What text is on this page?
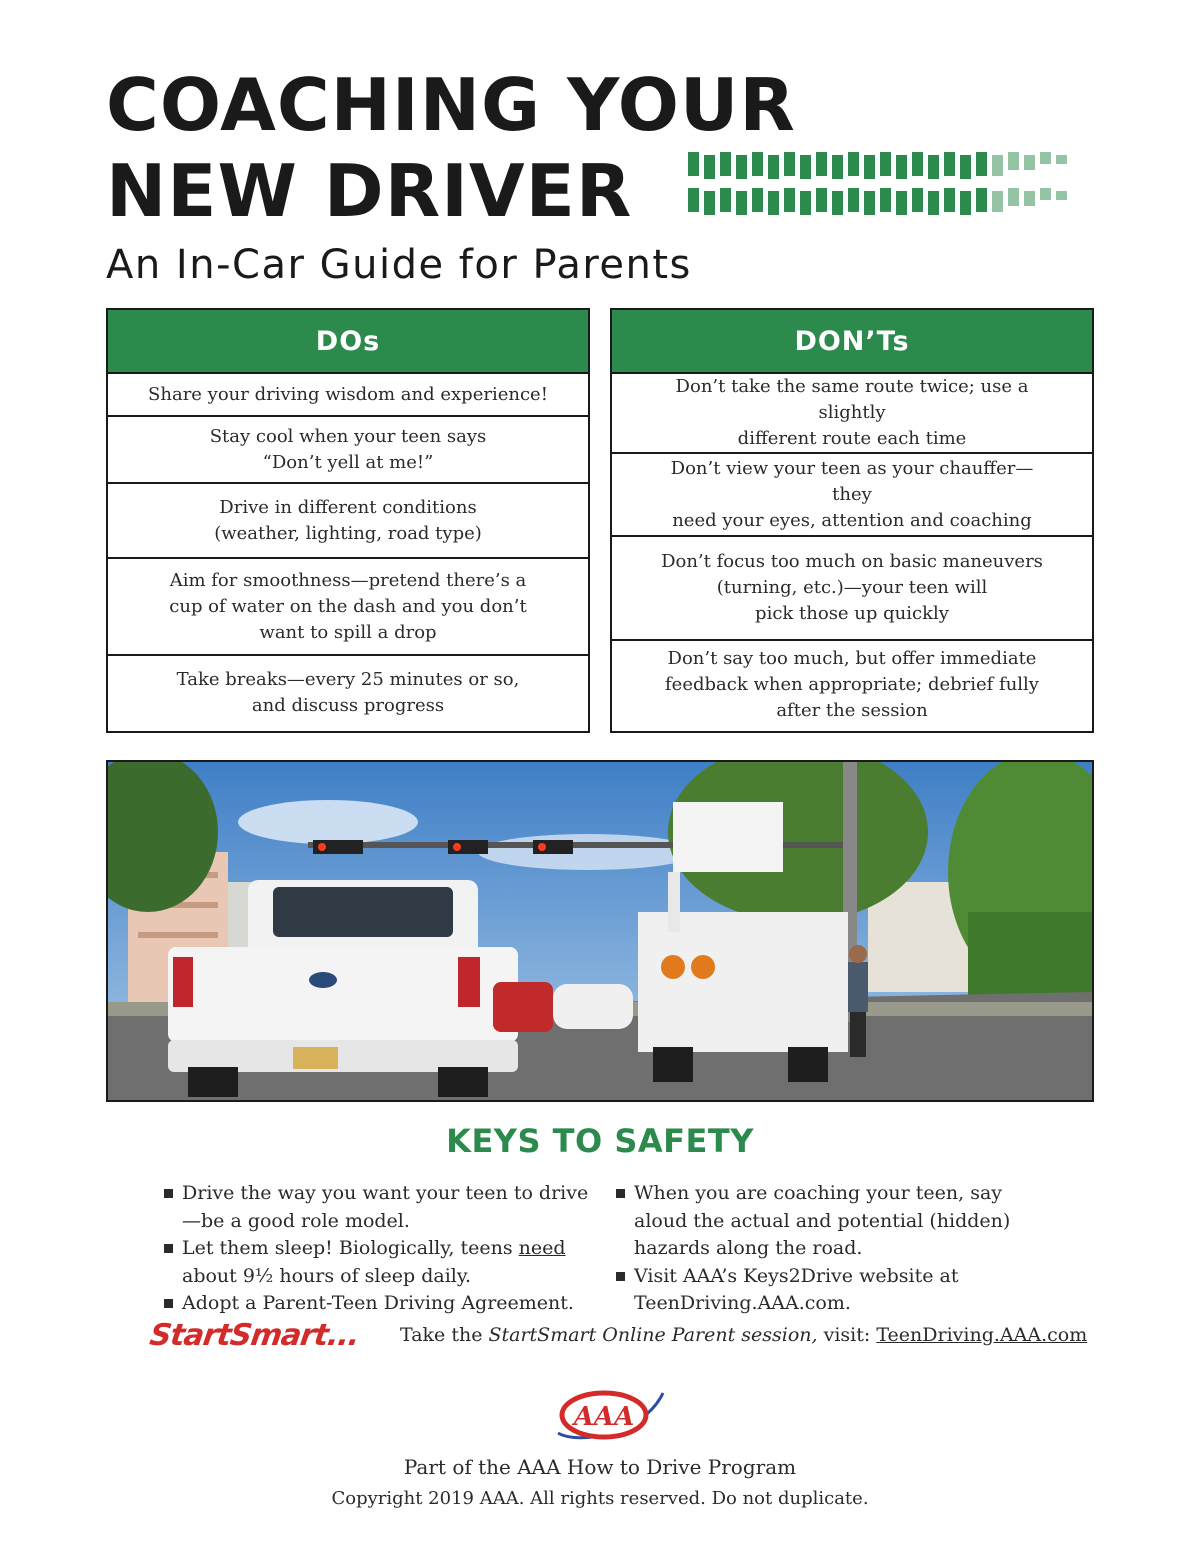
COACHING YOUR
NEW DRIVER
An In-Car Guide for Parents
DOs
Share your driving wisdom and experience!
Stay cool when your teen says
“Don’t yell at me!”
Drive in different conditions
(weather, lighting, road type)
Aim for smoothness—pretend there’s a
cup of water on the dash and you don’t
want to spill a drop
Take breaks—every 25 minutes or so,
and discuss progress
DON’Ts
Don’t take the same route twice; use a slightly
different route each time
Don’t view your teen as your chauffer—they
need your eyes, attention and coaching
Don’t focus too much on basic maneuvers
(turning, etc.)—your teen will
pick those up quickly
Don’t say too much, but offer immediate
feedback when appropriate; debrief fully
after the session
KEYS TO SAFETY
Drive the way you want your teen to drive
—be a good role model.
Let them sleep! Biologically, teens need
about 9½ hours of sleep daily.
Adopt a Parent-Teen Driving Agreement.
When you are coaching your teen, say
aloud the actual and potential (hidden)
hazards along the road.
Visit AAA’s Keys2Drive website at
TeenDriving.AAA.com.
StartSmart... Take the StartSmart Online Parent session, visit: TeenDriving.AAA.com
AAA
Part of the AAA How to Drive Program
Copyright 2019 AAA. All rights reserved. Do not duplicate.
